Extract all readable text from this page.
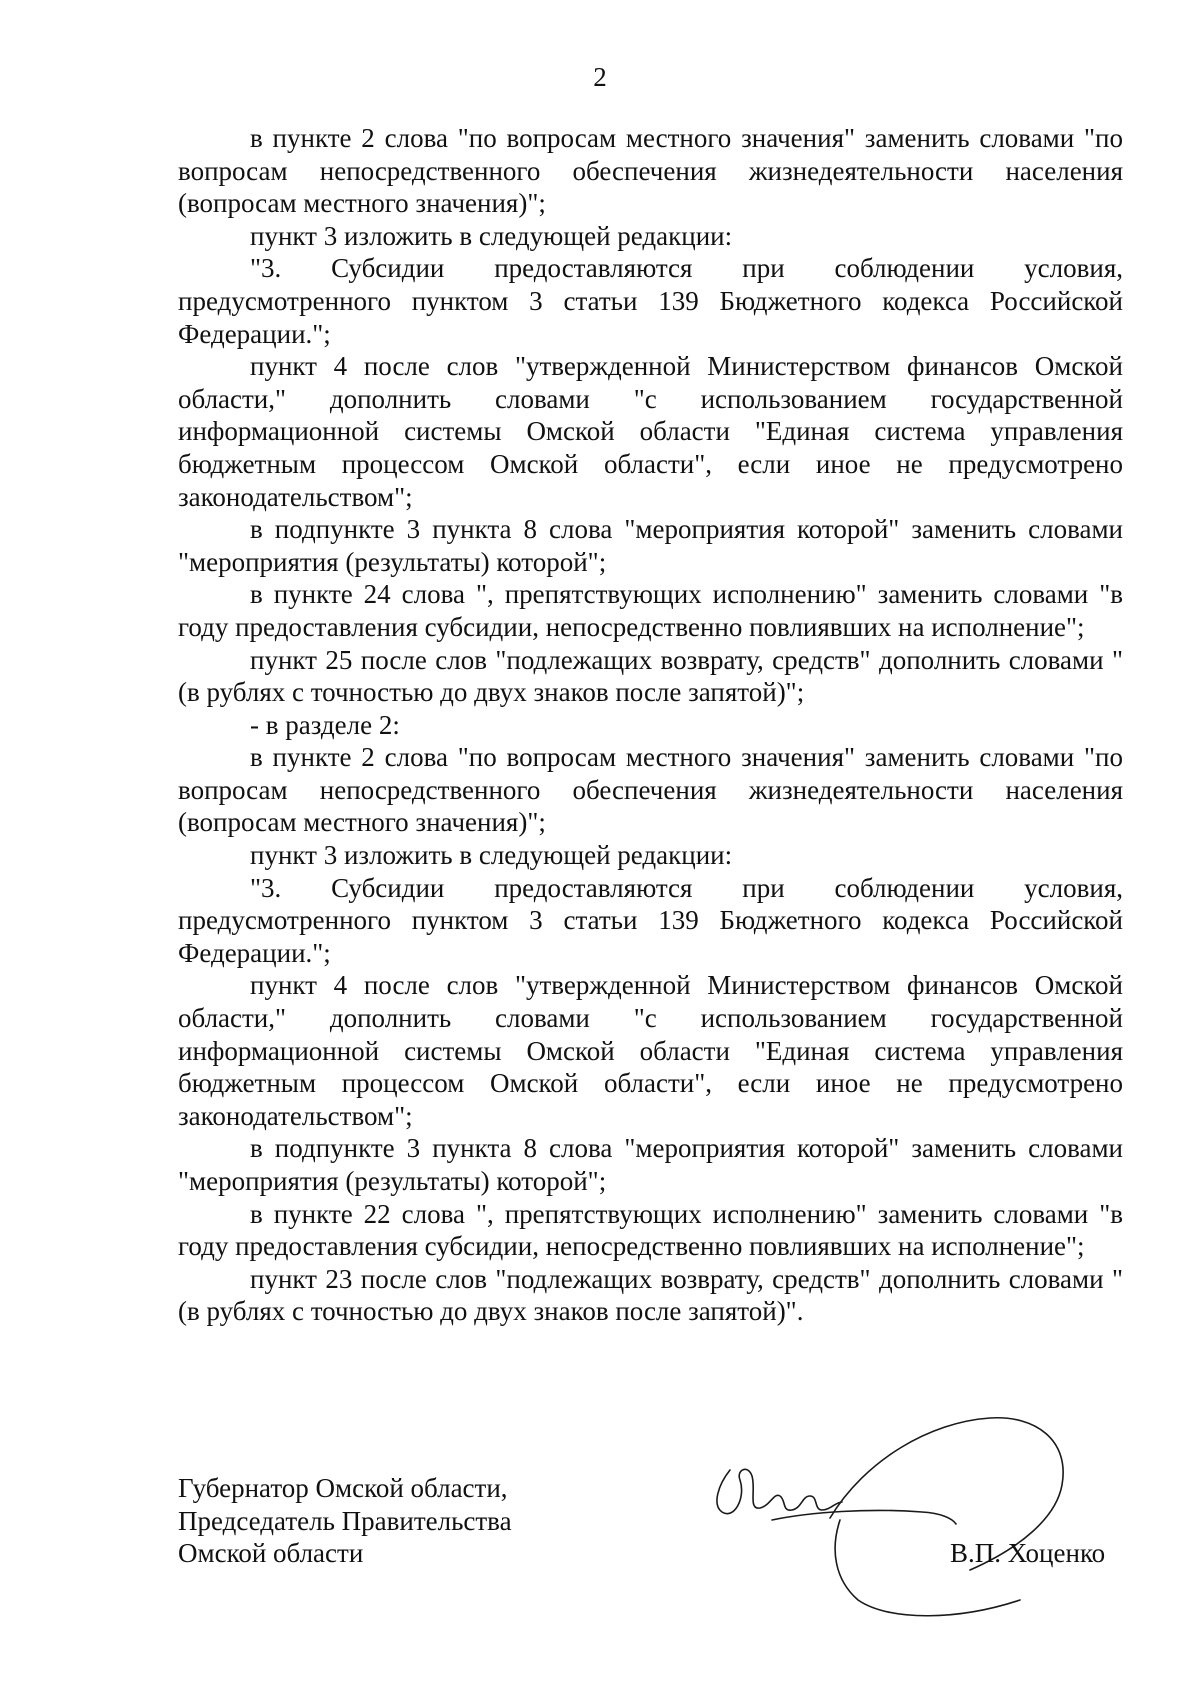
2

в пункте 2 слова "по вопросам местного значения" заменить словами "по вопросам непосредственного обеспечения жизнедеятельности населения (вопросам местного значения)";

пункт 3 изложить в следующей редакции:

"3. Субсидии предоставляются при соблюдении условия, предусмотренного пунктом 3 статьи 139 Бюджетного кодекса Российской Федерации.";

пункт 4 после слов "утвержденной Министерством финансов Омской области," дополнить словами "с использованием государственной информационной системы Омской области "Единая система управления бюджетным процессом Омской области", если иное не предусмотрено законодательством";

в подпункте 3 пункта 8 слова "мероприятия которой" заменить словами "мероприятия (результаты) которой";

в пункте 24 слова ", препятствующих исполнению" заменить словами "в году предоставления субсидии, непосредственно повлиявших на исполнение";

пункт 25 после слов "подлежащих возврату, средств" дополнить словами "(в рублях с точностью до двух знаков после запятой)";

- в разделе 2:

в пункте 2 слова "по вопросам местного значения" заменить словами "по вопросам непосредственного обеспечения жизнедеятельности населения (вопросам местного значения)";

пункт 3 изложить в следующей редакции:

"3. Субсидии предоставляются при соблюдении условия, предусмотренного пунктом 3 статьи 139 Бюджетного кодекса Российской Федерации.";

пункт 4 после слов "утвержденной Министерством финансов Омской области," дополнить словами "с использованием государственной информационной системы Омской области "Единая система управления бюджетным процессом Омской области", если иное не предусмотрено законодательством";

в подпункте 3 пункта 8 слова "мероприятия которой" заменить словами "мероприятия (результаты) которой";

в пункте 22 слова ", препятствующих исполнению" заменить словами "в году предоставления субсидии, непосредственно повлиявших на исполнение";

пункт 23 после слов "подлежащих возврату, средств" дополнить словами "(в рублях с точностью до двух знаков после запятой)".

Губернатор Омской области,
Председатель Правительства
Омской области	В.П. Хоценко
